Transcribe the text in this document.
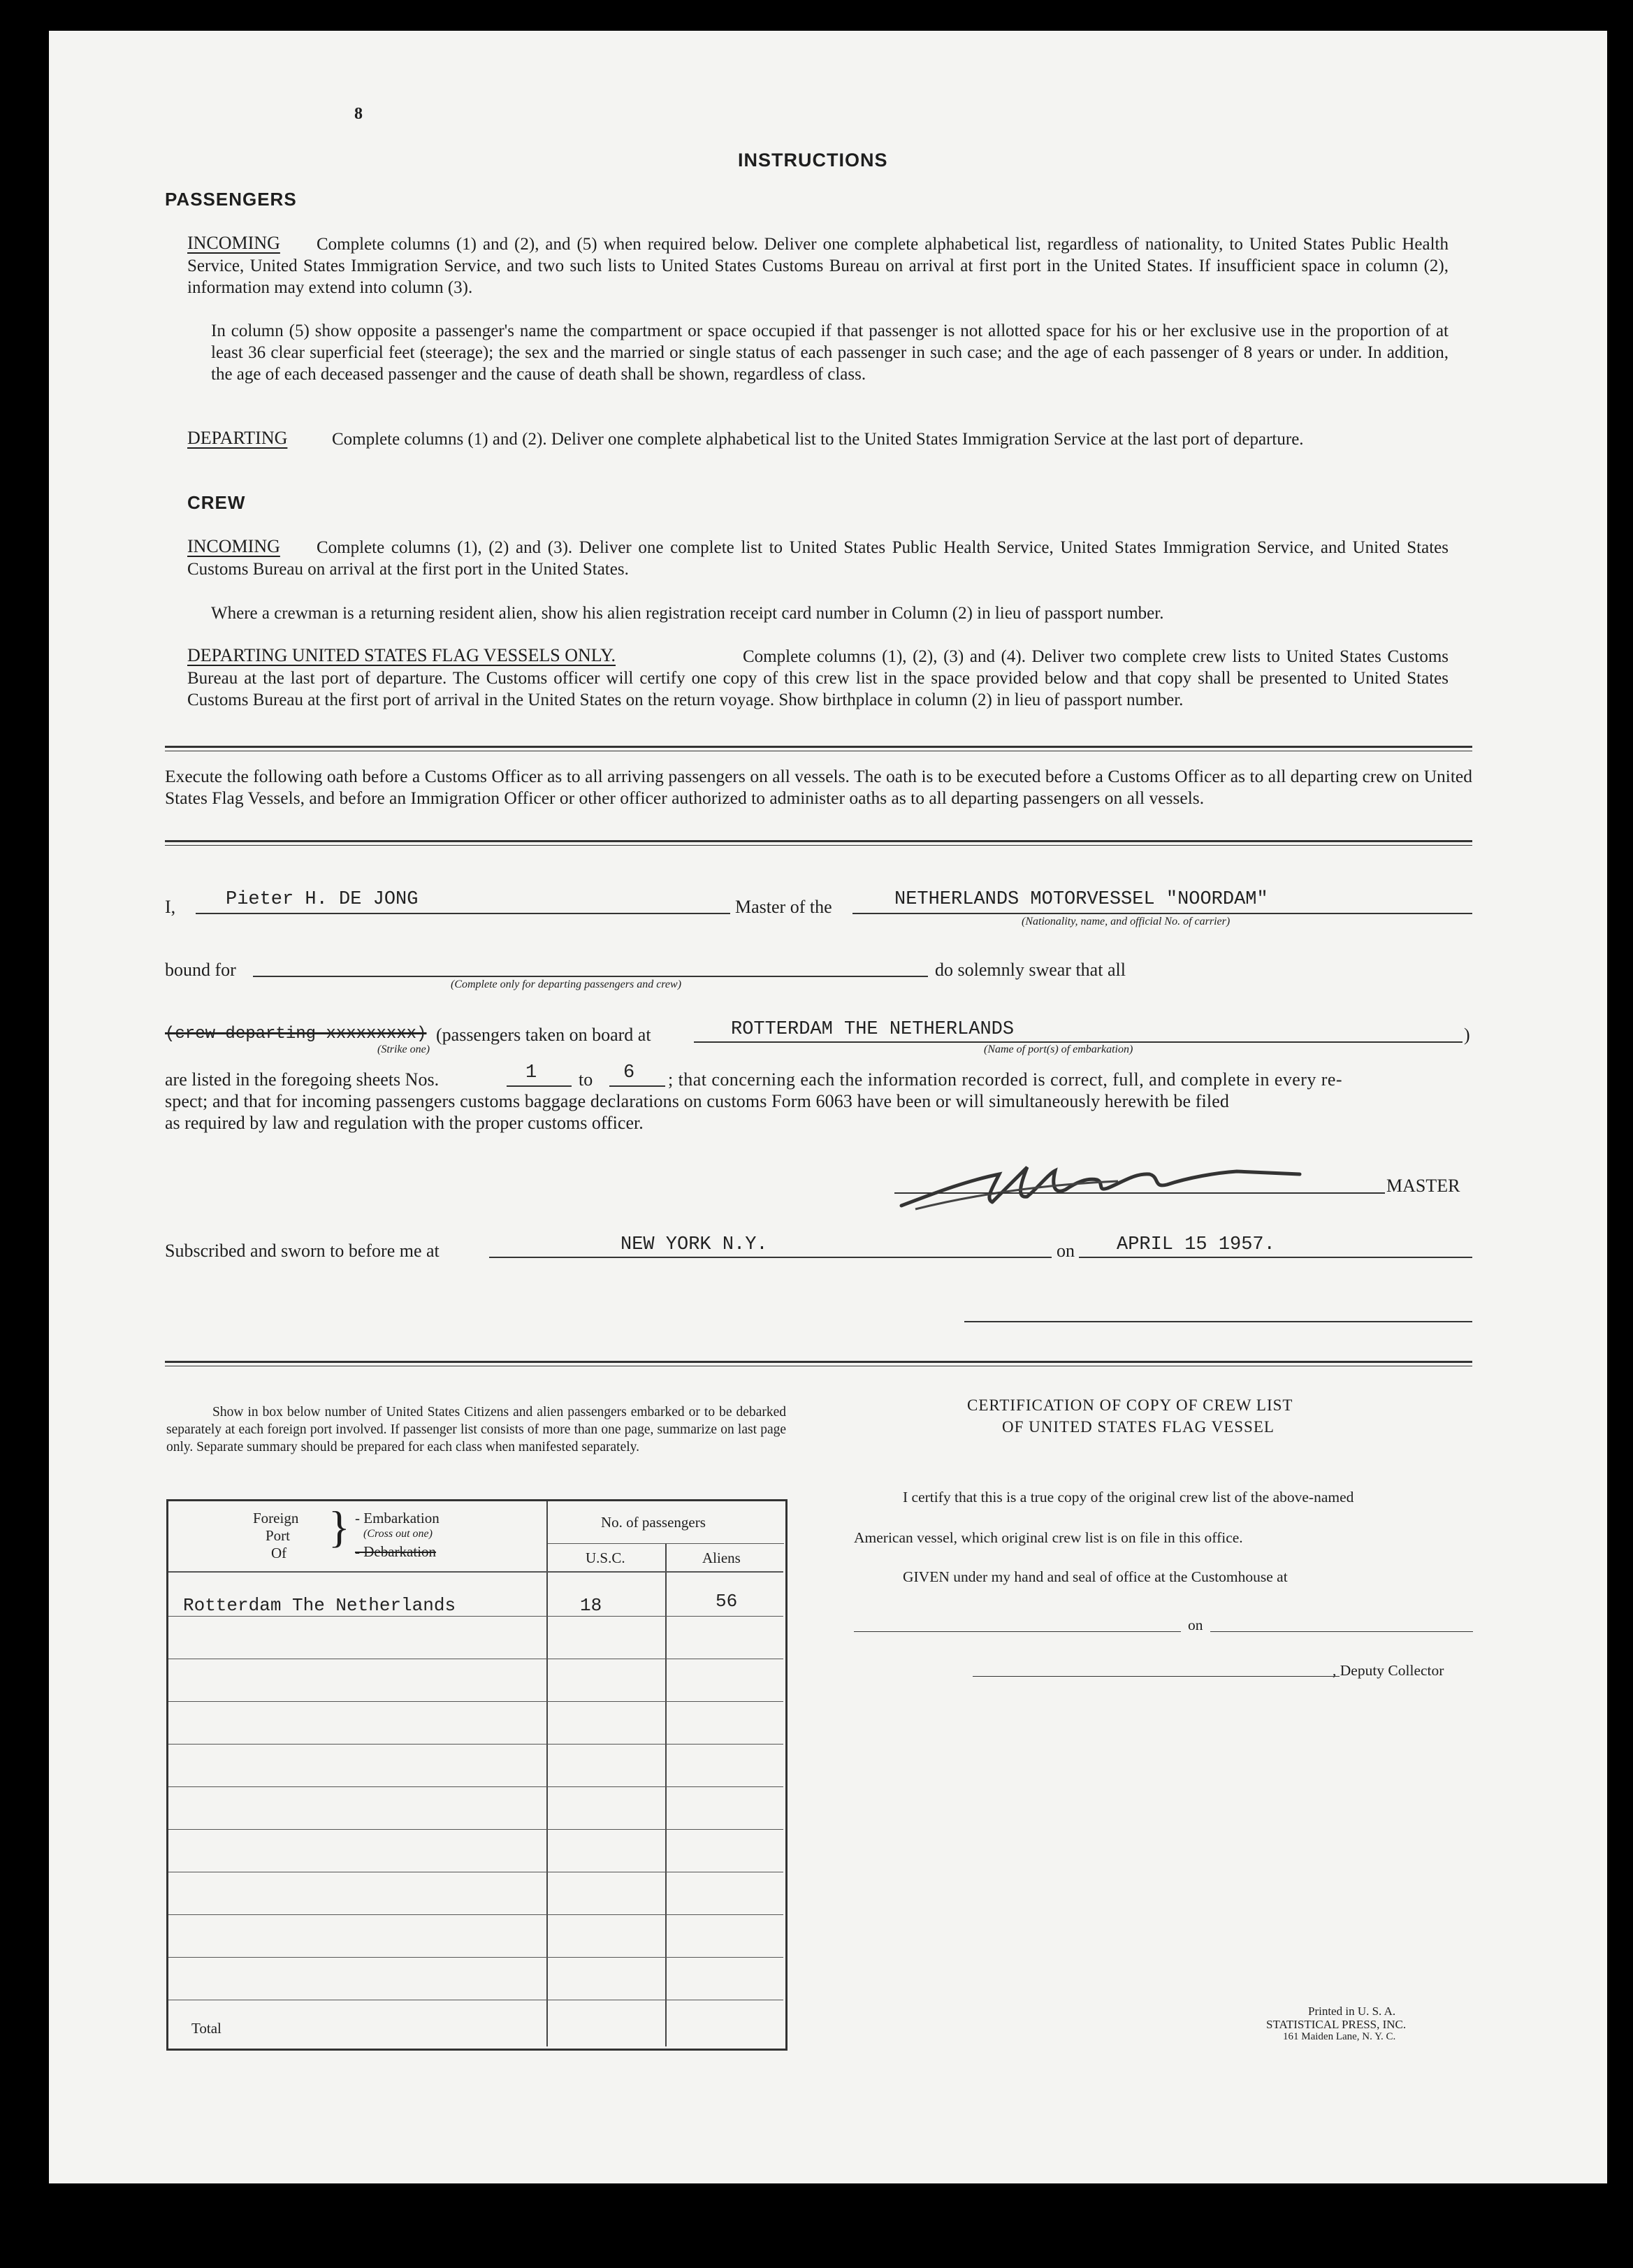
8
INSTRUCTIONS
PASSENGERS
INCOMING	Complete columns (1) and (2), and (5) when required below. Deliver one complete alphabetical list, regardless of nationality, to United States Public Health Service, United States Immigration Service, and two such lists to United States Customs Bureau on arrival at first port in the United States. If insufficient space in column (2), information may extend into column (3).
In column (5) show opposite a passenger's name the compartment or space occupied if that passenger is not allotted space for his or her exclusive use in the proportion of at least 36 clear superficial feet (steerage); the sex and the married or single status of each passenger in such case; and the age of each passenger of 8 years or under. In addition, the age of each deceased passenger and the cause of death shall be shown, regardless of class.
DEPARTING	Complete columns (1) and (2). Deliver one complete alphabetical list to the United States Immigration Service at the last port of departure.
CREW
INCOMING	Complete columns (1), (2) and (3). Deliver one complete list to United States Public Health Service, United States Immigration Service, and United States Customs Bureau on arrival at the first port in the United States.
Where a crewman is a returning resident alien, show his alien registration receipt card number in Column (2) in lieu of passport number.
DEPARTING UNITED STATES FLAG VESSELS ONLY.	Complete columns (1), (2), (3) and (4). Deliver two complete crew lists to United States Customs Bureau at the last port of departure. The Customs officer will certify one copy of this crew list in the space provided below and that copy shall be presented to United States Customs Bureau at the first port of arrival in the United States on the return voyage. Show birthplace in column (2) in lieu of passport number.
Execute the following oath before a Customs Officer as to all arriving passengers on all vessels. The oath is to be executed before a Customs Officer as to all departing crew on United States Flag Vessels, and before an Immigration Officer or other officer authorized to administer oaths as to all departing passengers on all vessels.
I,	Pieter H. DE JONG	Master of the	NETHERLANDS MOTORVESSEL "NOORDAM"
(Nationality, name, and official No. of carrier)
bound for
(Complete only for departing passengers and crew)
do solemnly swear that all
(crew departing xxxxxxxxx) (passengers taken on board at
(Strike one)
ROTTERDAM THE NETHERLANDS
(Name of port(s) of embarkation)
)
are listed in the foregoing sheets Nos.	1 to 6 ; that concerning each the information recorded is correct, full, and complete in every re-
spect; and that for incoming passengers customs baggage declarations on customs Form 6063 have been or will simultaneously herewith be filed
as required by law and regulation with the proper customs officer.
MASTER
Subscribed and sworn to before me at	NEW YORK N.Y.	on APRIL 15 1957.
Show in box below number of United States Citizens and alien passengers embarked or to be debarked separately at each foreign port involved. If passenger list consists of more than one page, summarize on last page only. Separate summary should be prepared for each class when manifested separately.
Foreign
Port
Of
} - Embarkation
(Cross out one)
- Debarkation
No. of passengers
U.S.C.	Aliens
Rotterdam The Netherlands	18	56
Total
CERTIFICATION OF COPY OF CREW LIST
OF UNITED STATES FLAG VESSEL
I certify that this is a true copy of the original crew list of the above-named
American vessel, which original crew list is on file in this office.
GIVEN under my hand and seal of office at the Customhouse at
on
, Deputy Collector
Printed in U. S. A.
STATISTICAL PRESS, INC.
161 Maiden Lane, N. Y. C.
